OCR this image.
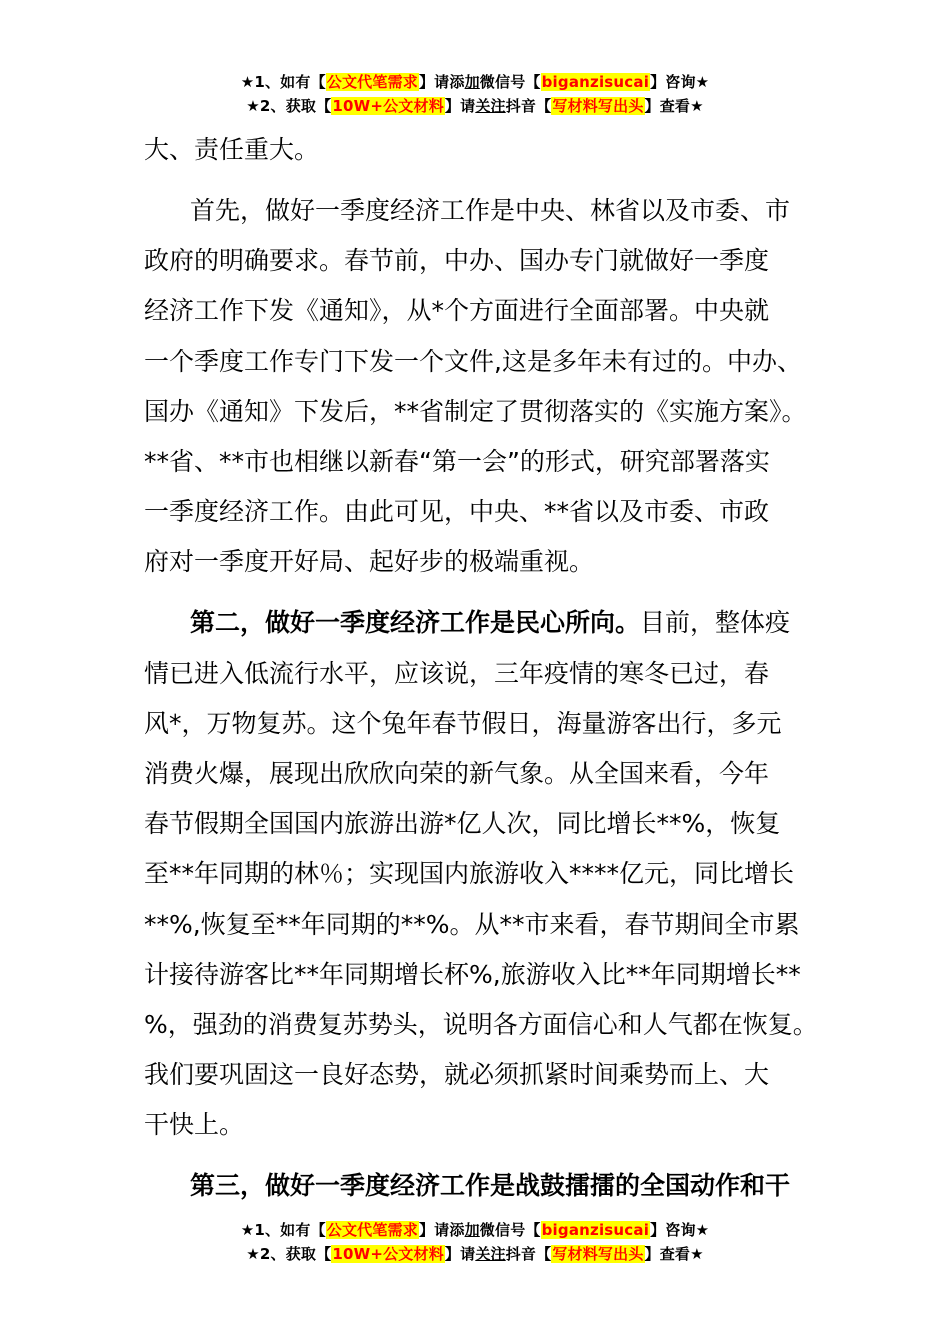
★1、如有【公文代笔需求】请添加微信号【biganzisucai】咨询★
★2、获取【10W+公文材料】请关注抖音【写材料写出头】查看★
大、责任重大。
首先，做好一季度经济工作是中央、林省以及市委、市
政府的明确要求。春节前，中办、国办专门就做好一季度
经济工作下发《通知》，从*个方面进行全面部署。中央就
一个季度工作专门下发一个文件,这是多年未有过的。中办、
国办《通知》下发后，**省制定了贯彻落实的《实施方案》。
**省、**市也相继以新春“第一会”的形式，研究部署落实
一季度经济工作。由此可见，中央、**省以及市委、市政
府对一季度开好局、起好步的极端重视。
第二，做好一季度经济工作是民心所向。目前，整体疫
情已进入低流行水平，应该说，三年疫情的寒冬已过，春
风*，万物复苏。这个兔年春节假日，海量游客出行，多元
消费火爆，展现出欣欣向荣的新气象。从全国来看，今年
春节假期全国国内旅游出游*亿人次，同比增长**%，恢复
至**年同期的林％；实现国内旅游收入****亿元，同比增长
**%,恢复至**年同期的**%。从**市来看，春节期间全市累
计接待游客比**年同期增长杯%,旅游收入比**年同期增长**
%，强劲的消费复苏势头，说明各方面信心和人气都在恢复。
我们要巩固这一良好态势，就必须抓紧时间乘势而上、大
干快上。
第三，做好一季度经济工作是战鼓擂擂的全国动作和干
★1、如有【公文代笔需求】请添加微信号【biganzisucai】咨询★
★2、获取【10W+公文材料】请关注抖音【写材料写出头】查看★
